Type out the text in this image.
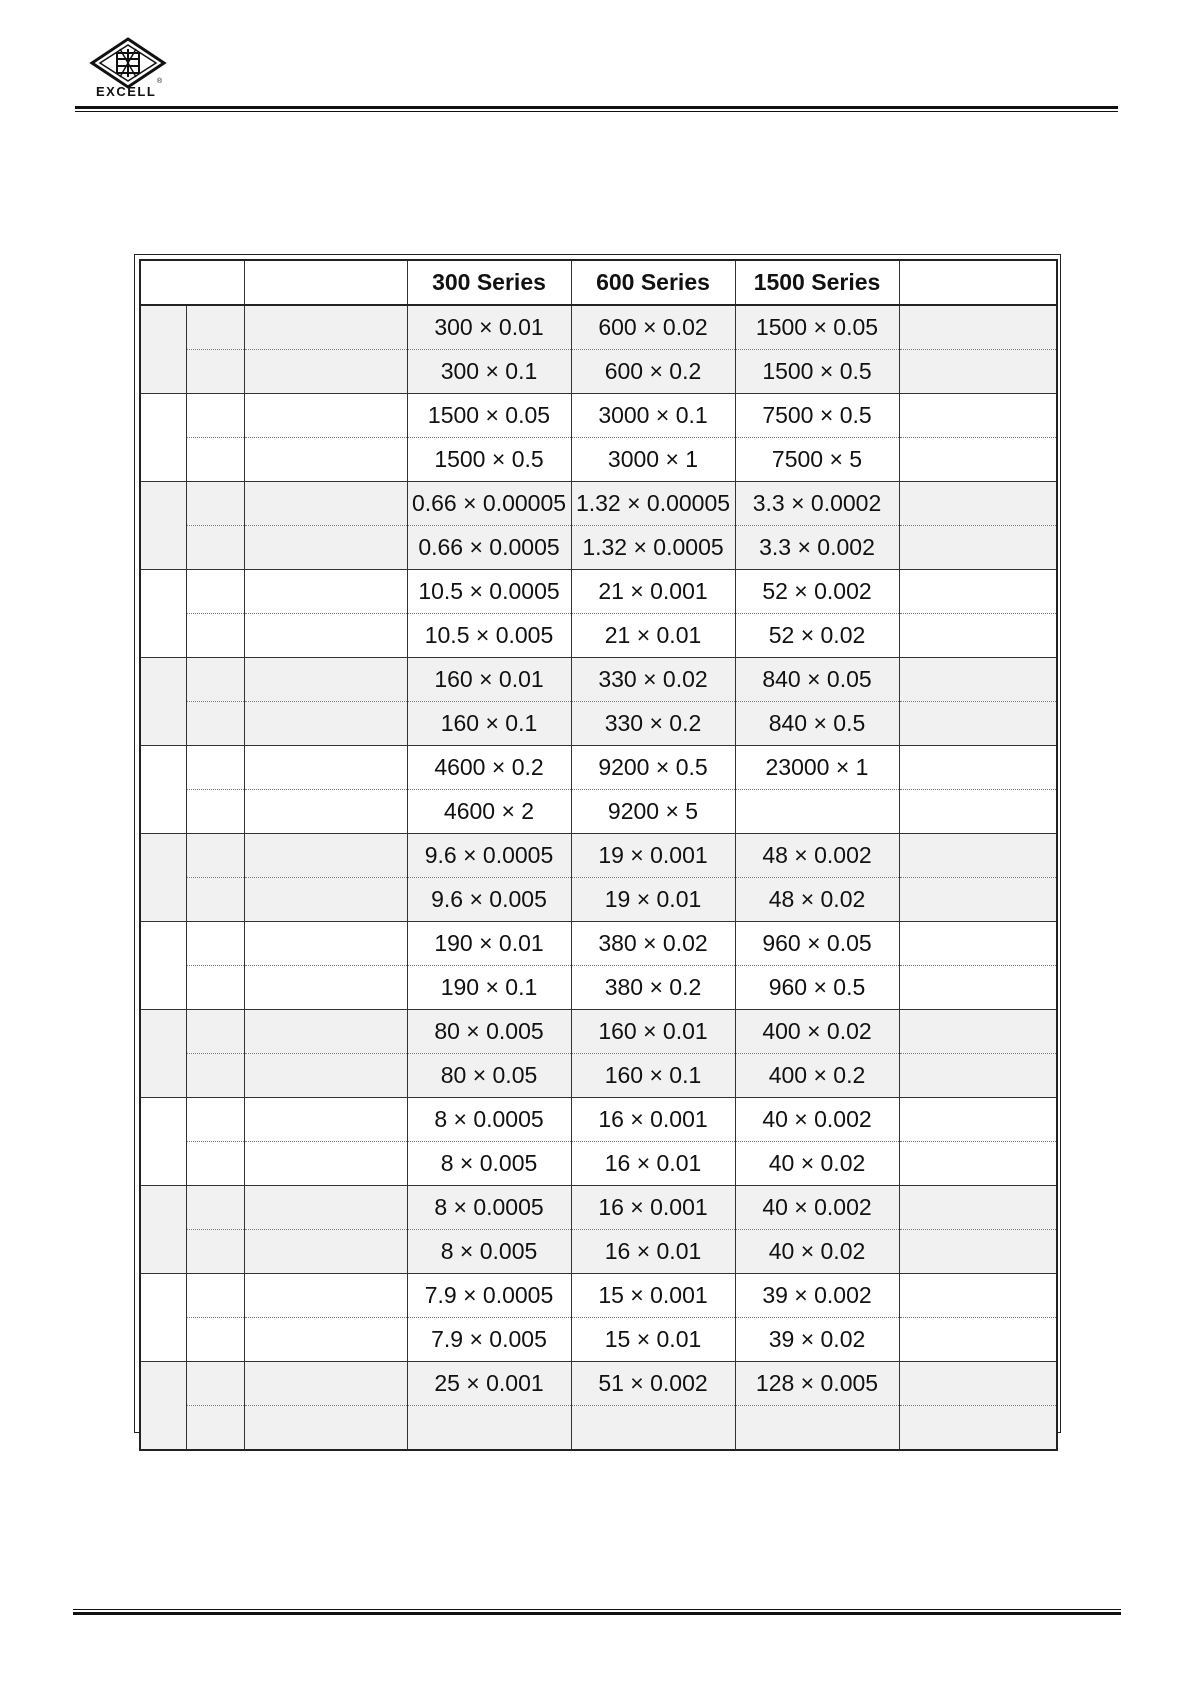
EXCELL
®
			300 Series	600 Series	1500 Series	
			300 × 0.01	600 × 0.02	1500 × 0.05	
			300 × 0.1	600 × 0.2	1500 × 0.5	
			1500 × 0.05	3000 × 0.1	7500 × 0.5	
			1500 × 0.5	3000 × 1	7500 × 5	
			0.66 × 0.00005	1.32 × 0.00005	3.3 × 0.0002	
			0.66 × 0.0005	1.32 × 0.0005	3.3 × 0.002	
			10.5 × 0.0005	21 × 0.001	52 × 0.002	
			10.5 × 0.005	21 × 0.01	52 × 0.02	
			160 × 0.01	330 × 0.02	840 × 0.05	
			160 × 0.1	330 × 0.2	840 × 0.5	
			4600 × 0.2	9200 × 0.5	23000 × 1	
			4600 × 2	9200 × 5		
			9.6 × 0.0005	19 × 0.001	48 × 0.002	
			9.6 × 0.005	19 × 0.01	48 × 0.02	
			190 × 0.01	380 × 0.02	960 × 0.05	
			190 × 0.1	380 × 0.2	960 × 0.5	
			80 × 0.005	160 × 0.01	400 × 0.02	
			80 × 0.05	160 × 0.1	400 × 0.2	
			8 × 0.0005	16 × 0.001	40 × 0.002	
			8 × 0.005	16 × 0.01	40 × 0.02	
			8 × 0.0005	16 × 0.001	40 × 0.002	
			8 × 0.005	16 × 0.01	40 × 0.02	
			7.9 × 0.0005	15 × 0.001	39 × 0.002	
			7.9 × 0.005	15 × 0.01	39 × 0.02	
			25 × 0.001	51 × 0.002	128 × 0.005	
